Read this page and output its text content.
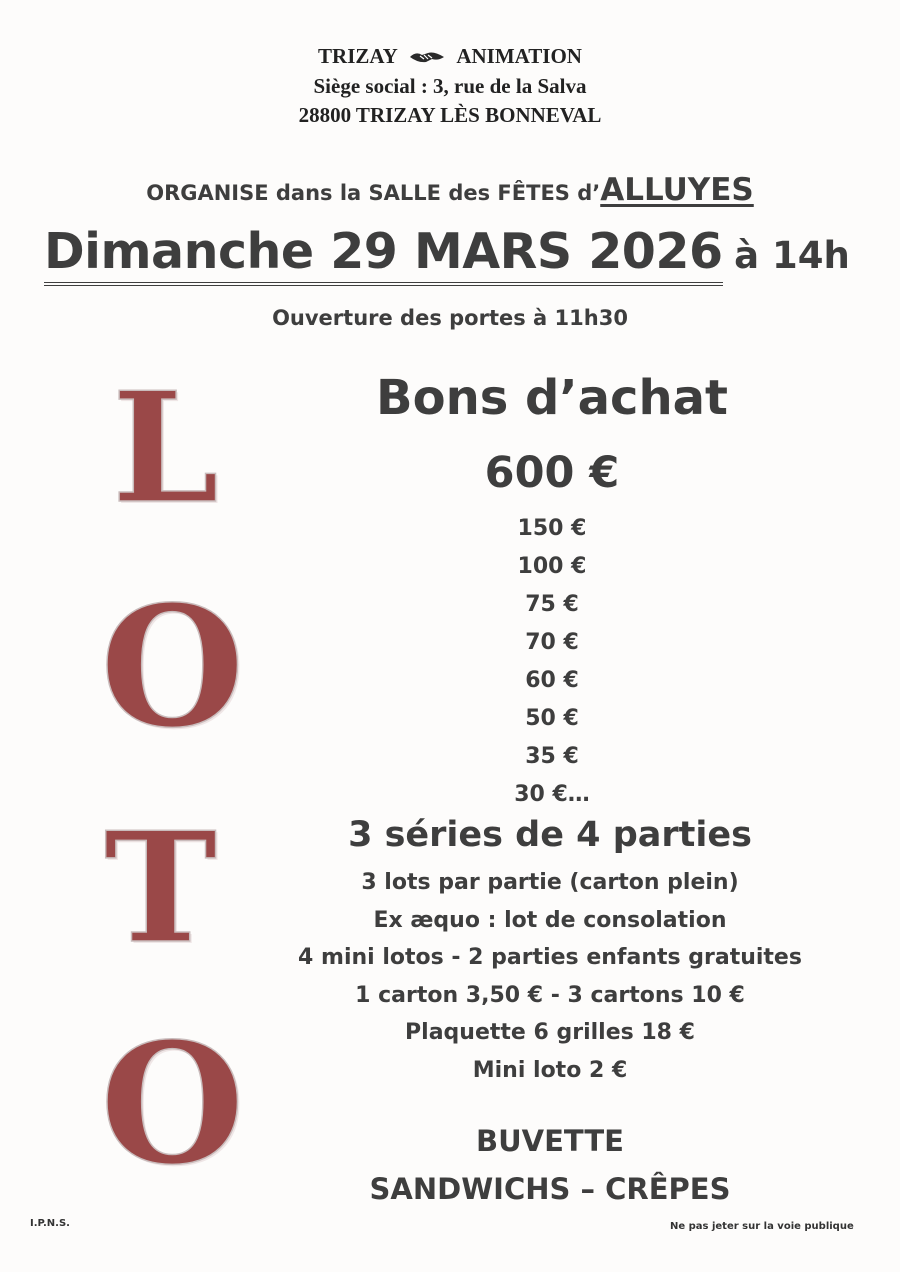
TRIZAY	ANIMATION
Siège social : 3, rue de la Salva
28800 TRIZAY LÈS BONNEVAL
ORGANISE dans la SALLE des FÊTES d’ALLUYES
Dimanche 29 MARS 2026 à 14h
Ouverture des portes à 11h30
L
O
T
O
Bons d’achat
600 €
150 €
100 €
75 €
70 €
60 €
50 €
35 €
30 €…
3 séries de 4 parties
3 lots par partie (carton plein)
Ex æquo : lot de consolation
4 mini lotos - 2 parties enfants gratuites
1 carton 3,50 € - 3 cartons 10 €
Plaquette 6 grilles 18 €
Mini loto 2 €
BUVETTE
SANDWICHS – CRÊPES
I.P.N.S.	Ne pas jeter sur la voie publique
